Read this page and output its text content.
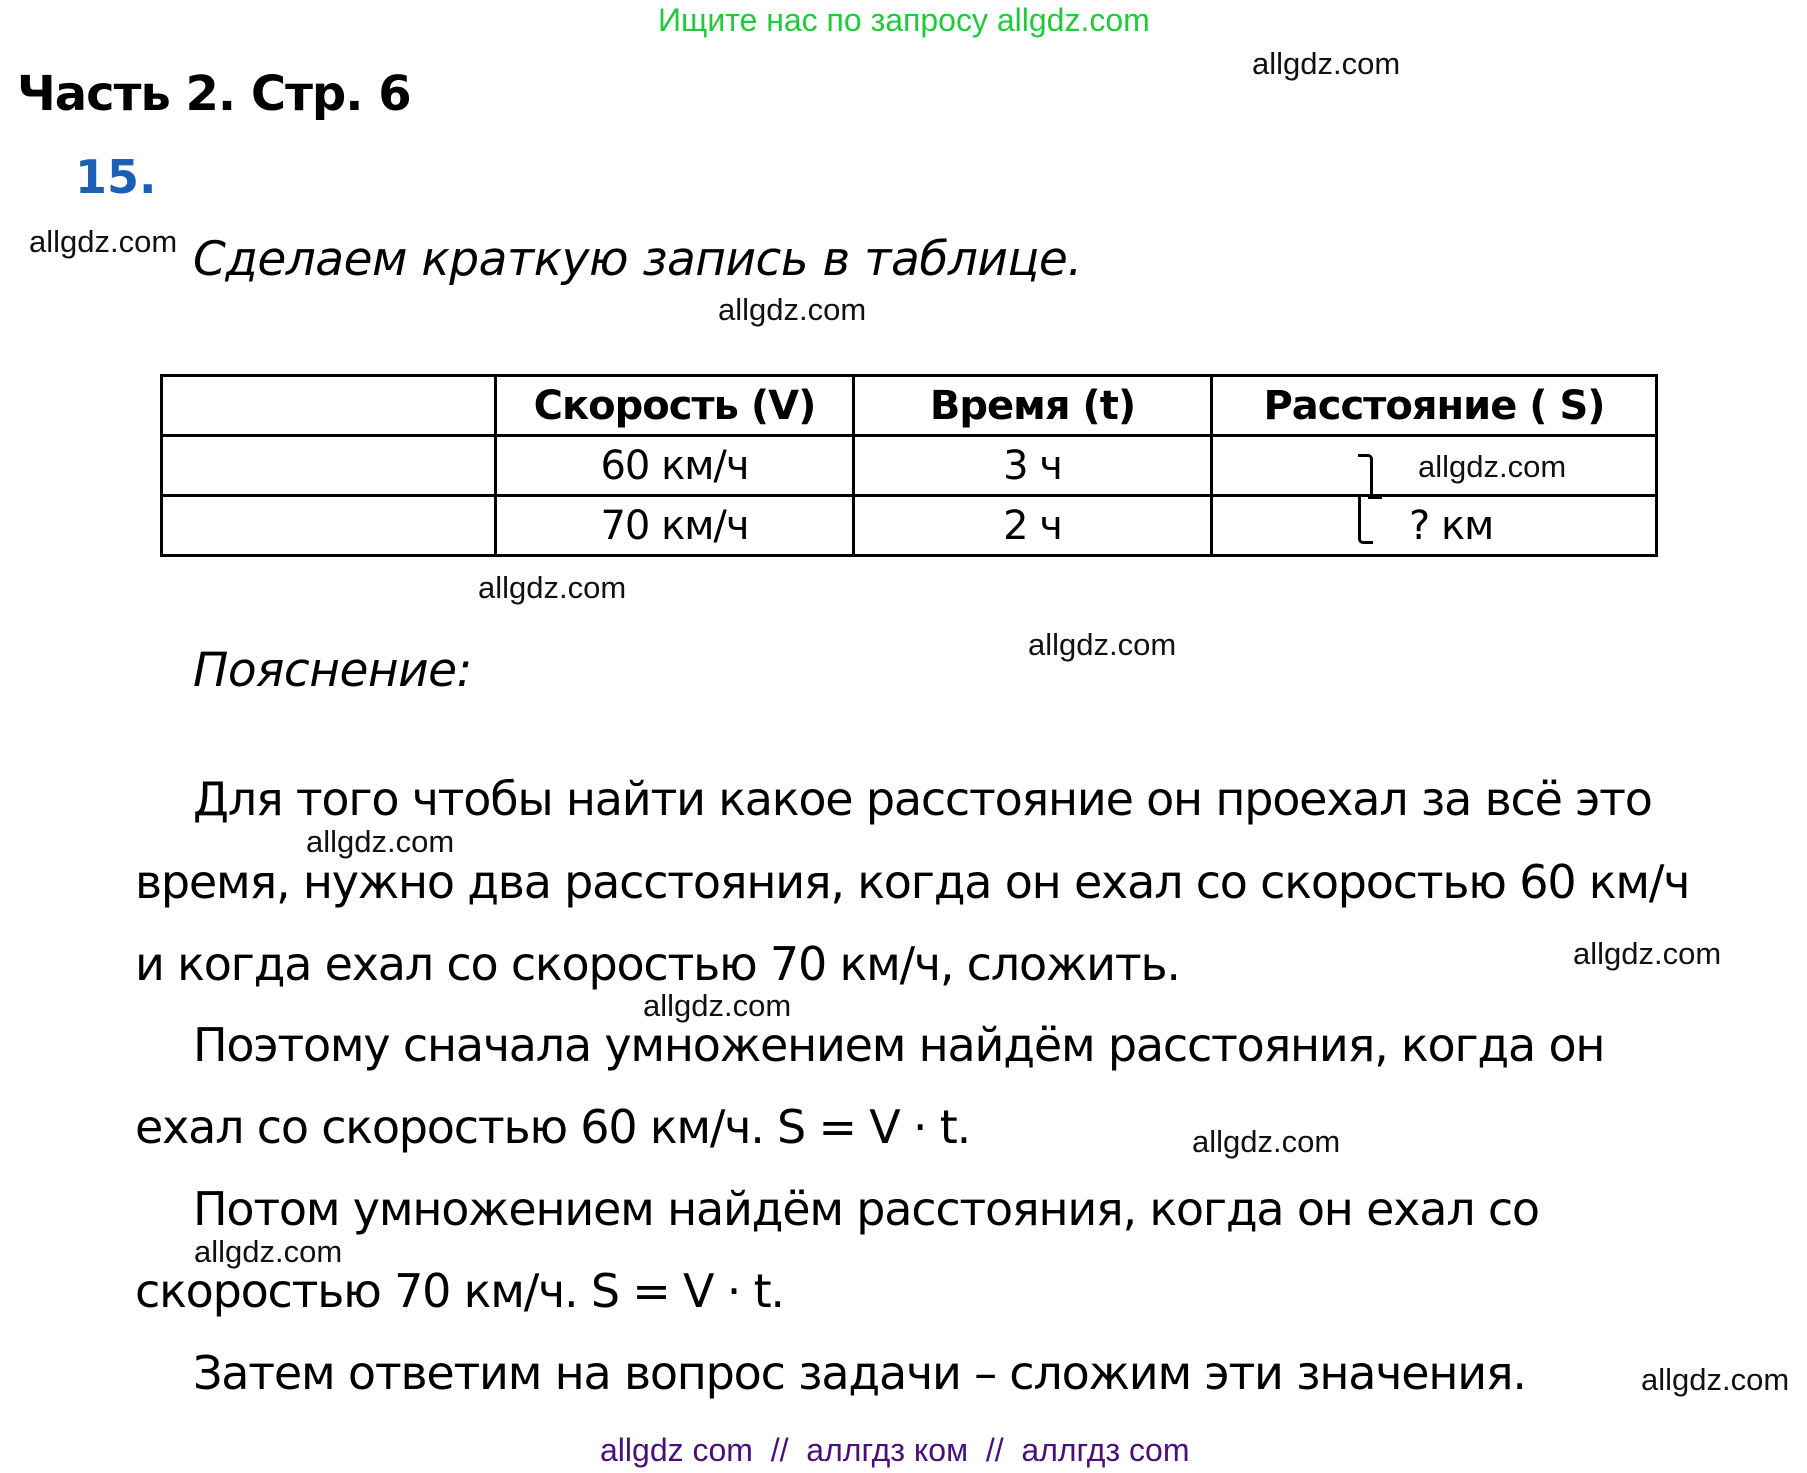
Ищите нас по запросу allgdz.com
allgdz.com
Часть 2. Стр. 6
15.
allgdz.com Сделаем краткую запись в таблице.
allgdz.com
	Скорость (V)	Время (t)	Расстояние ( S)
	60 км/ч	3 ч	allgdz.com

	70 км/ч	2 ч	? км
allgdz.com
allgdz.com
Пояснение:
Для того чтобы найти какое расстояние он проехал за всё это
allgdz.com
время, нужно два расстояния, когда он ехал со скоростью 60 км/ч
и когда ехал со скоростью 70 км/ч, сложить.	allgdz.com
allgdz.com
Поэтому сначала умножением найдём расстояния, когда он
ехал со скоростью 60 км/ч. S = V · t.	allgdz.com
Потом умножением найдём расстояния, когда он ехал со
allgdz.com
скоростью 70 км/ч. S = V · t.
Затем ответим на вопрос задачи – сложим эти значения.	allgdz.com
allgdz com  //  аллгдз ком  //  аллгдз com
